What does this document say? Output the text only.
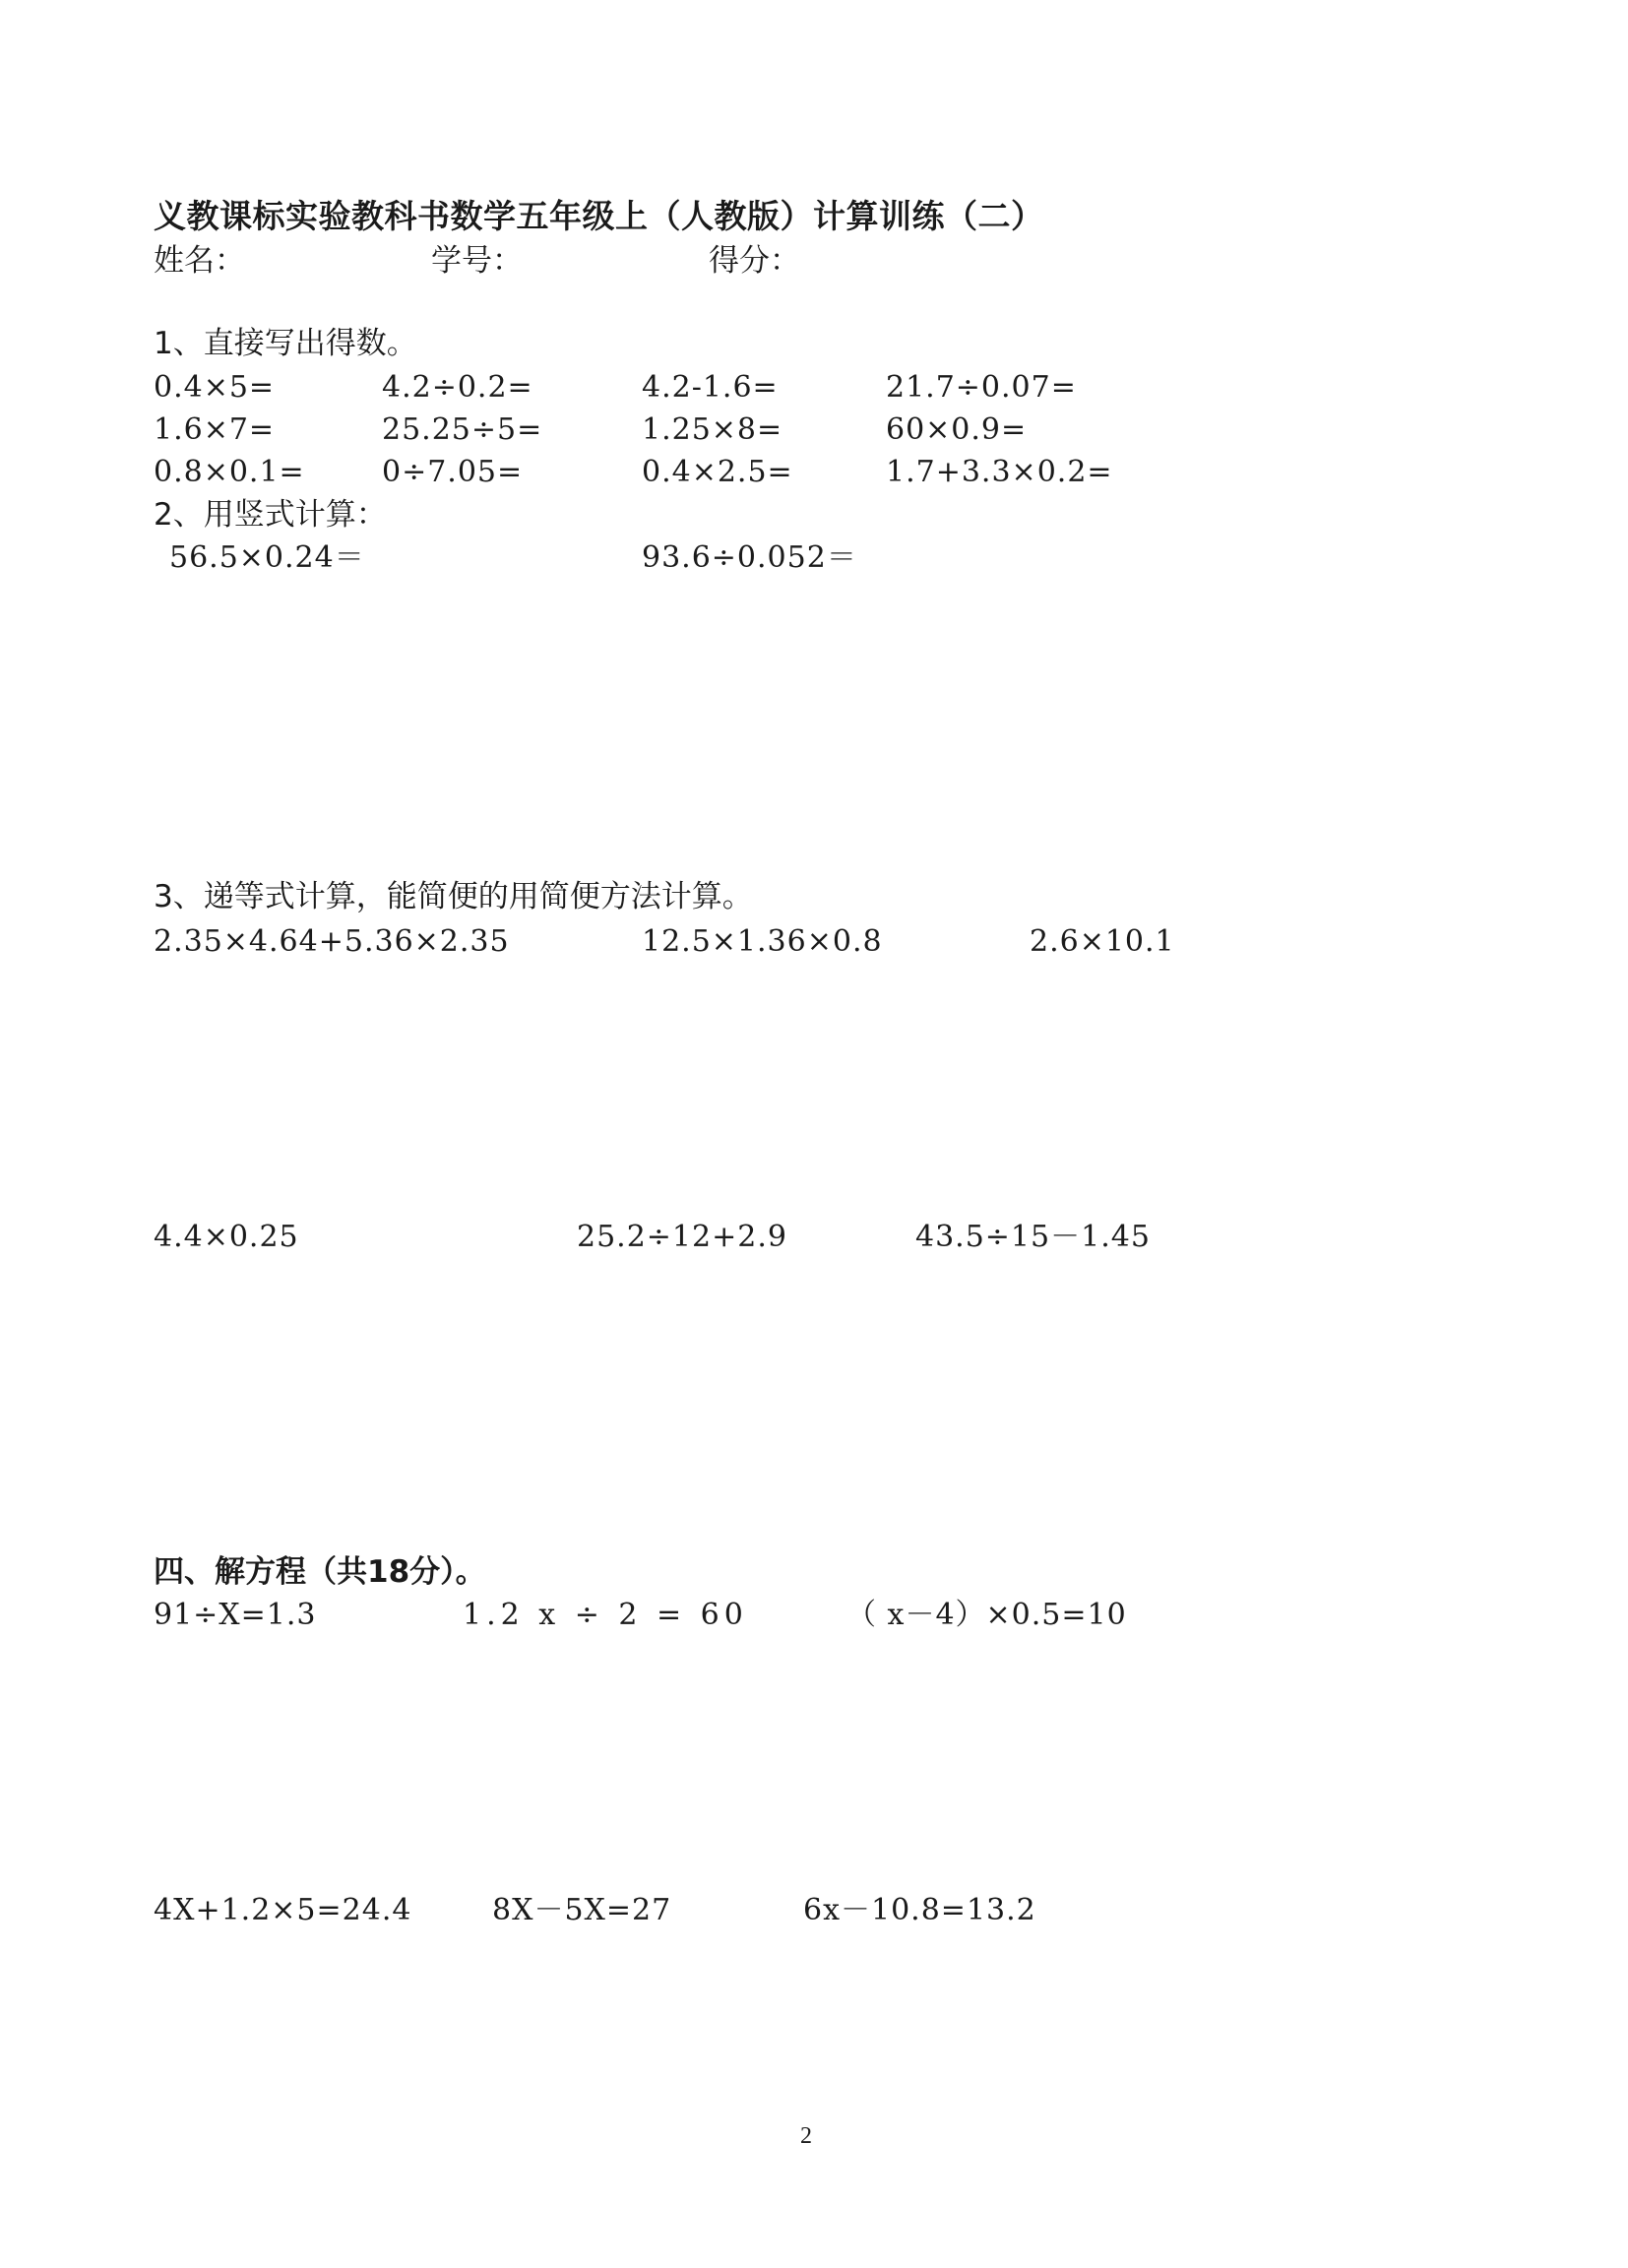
义教课标实验教科书数学五年级上（人教版）计算训练（二）
姓名：	学号：	得分：
1、直接写出得数。
0.4×5=	4.2÷0.2=	4.2-1.6=	21.7÷0.07=
1.6×7=	25.25÷5=	1.25×8=	60×0.9=
0.8×0.1=	0÷7.05=	0.4×2.5=	1.7+3.3×0.2=
2、用竖式计算：
56.5×0.24＝	93.6÷0.052＝
3、递等式计算，能简便的用简便方法计算。
2.35×4.64+5.36×2.35	12.5×1.36×0.8	2.6×10.1
4.4×0.25	25.2÷12+2.9	43.5÷15－1.45
四、解方程（共18分）。
91÷X=1.3	1.2 x ÷ 2 = 60	（ x－4）×0.5=10
4X+1.2×5=24.4	8X－5X=27	6x－10.8=13.2
2
